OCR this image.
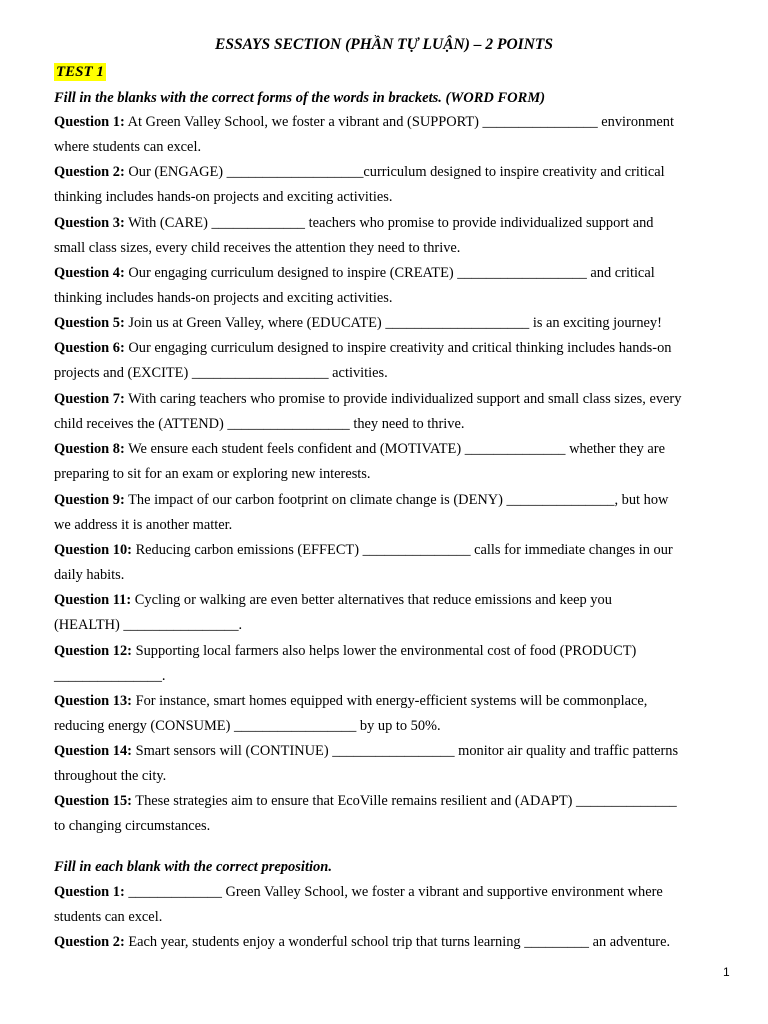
ESSAYS SECTION (PHẦN TỰ LUẬN) – 2 POINTS
TEST 1

Fill in the blanks with the correct forms of the words in brackets. (WORD FORM)

Question 1: At Green Valley School, we foster a vibrant and (SUPPORT) ________________ environment
where students can excel.

Question 2: Our (ENGAGE) ___________________curriculum designed to inspire creativity and critical
thinking includes hands-on projects and exciting activities.

Question 3: With (CARE) _____________ teachers who promise to provide individualized support and
small class sizes, every child receives the attention they need to thrive.

Question 4: Our engaging curriculum designed to inspire (CREATE) __________________ and critical
thinking includes hands-on projects and exciting activities.

Question 5: Join us at Green Valley, where (EDUCATE) ____________________ is an exciting journey!

Question 6: Our engaging curriculum designed to inspire creativity and critical thinking includes hands-on
projects and (EXCITE) ___________________ activities.

Question 7: With caring teachers who promise to provide individualized support and small class sizes, every
child receives the (ATTEND) _________________ they need to thrive.

Question 8: We ensure each student feels confident and (MOTIVATE) ______________ whether they are
preparing to sit for an exam or exploring new interests.

Question 9: The impact of our carbon footprint on climate change is (DENY) _______________, but how
we address it is another matter.

Question 10: Reducing carbon emissions (EFFECT) _______________ calls for immediate changes in our
daily habits.

Question 11: Cycling or walking are even better alternatives that reduce emissions and keep you
(HEALTH) ________________.

Question 12: Supporting local farmers also helps lower the environmental cost of food (PRODUCT)
_______________.

Question 13: For instance, smart homes equipped with energy-efficient systems will be commonplace,
reducing energy (CONSUME) _________________ by up to 50%.

Question 14: Smart sensors will (CONTINUE) _________________ monitor air quality and traffic patterns
throughout the city.

Question 15: These strategies aim to ensure that EcoVille remains resilient and (ADAPT) ______________
to changing circumstances.

Fill in each blank with the correct preposition.

Question 1: _____________ Green Valley School, we foster a vibrant and supportive environment where
students can excel.

Question 2: Each year, students enjoy a wonderful school trip that turns learning _________ an adventure.

1
